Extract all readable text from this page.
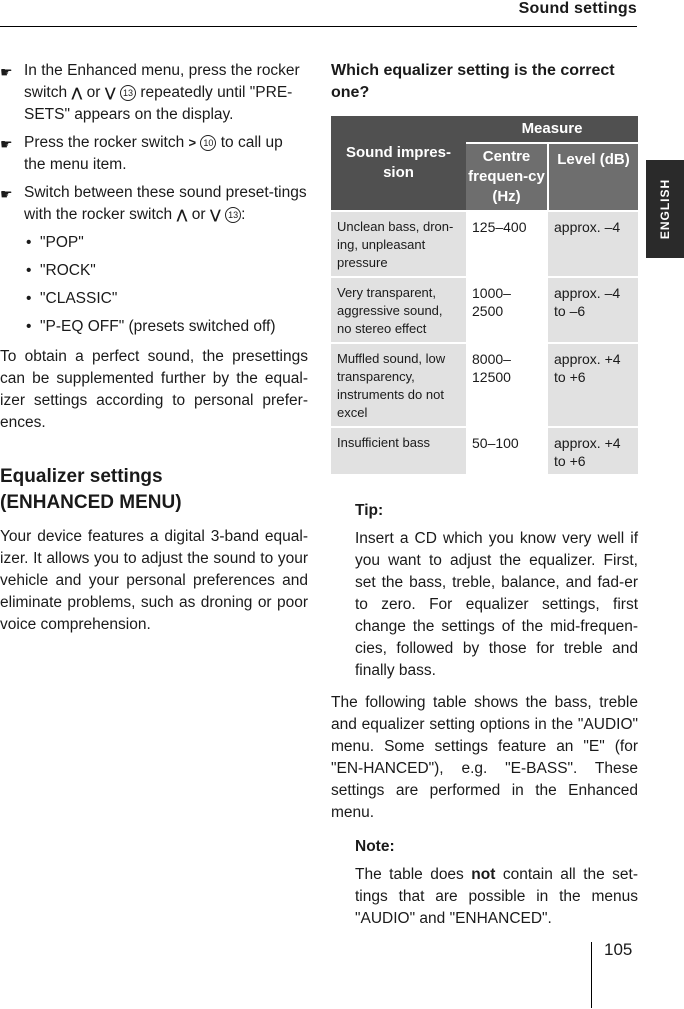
Sound settings
ENGLISH
☛ In the Enhanced menu, press the rocker switch ⋀ or ⋁ 13 repeatedly until "PRE-SETS" appears on the display.
☛ Press the rocker switch > 10 to call up the menu item.
☛ Switch between these sound preset-tings with the rocker switch ⋀ or ⋁ 13 :
• "POP"
• "ROCK"
• "CLASSIC"
• "P-EQ OFF" (presets switched off)

To obtain a perfect sound, the presettings can be supplemented further by the equal-izer settings according to personal prefer-ences.

Equalizer settings
(ENHANCED MENU)

Your device features a digital 3-band equal-izer. It allows you to adjust the sound to your vehicle and your personal preferences and eliminate problems, such as droning or poor voice comprehension.

Which equalizer setting is the correct one?
Sound impres-sion	Measure	
	Centre frequen-cy (Hz)	Level (dB)
Unclean bass, dron-ing, unpleasant pressure	125–400	approx. –4
Very transparent, aggressive sound, no stereo effect	1000–2500	approx. –4 to –6
Muffled sound, low transparency, instruments do not excel	8000–12500	approx. +4 to +6
Insufficient bass	50–100	approx. +4 to +6
Tip:
Insert a CD which you know very well if you want to adjust the equalizer. First, set the bass, treble, balance, and fad-er to zero. For equalizer settings, first change the settings of the mid-frequen-cies, followed by those for treble and finally bass.

The following table shows the bass, treble and equalizer setting options in the "AUDIO" menu. Some settings feature an "E" (for "EN-HANCED"), e.g. "E-BASS". These settings are performed in the Enhanced menu.

Note:
The table does not contain all the set-tings that are possible in the menus "AUDIO" and "ENHANCED".
105
